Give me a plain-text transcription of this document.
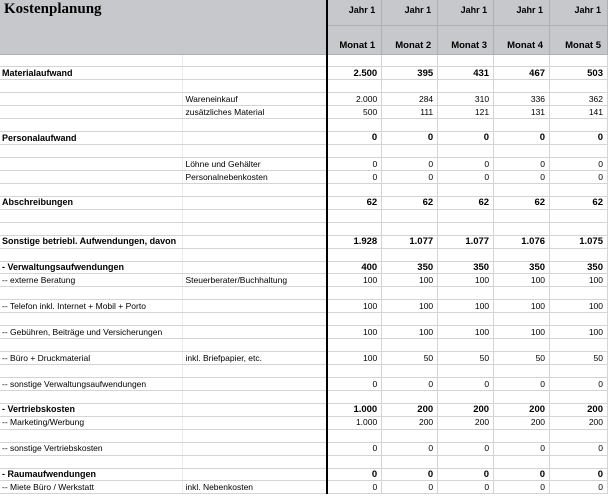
Kostenplanung		Jahr 1	Jahr 1	Jahr 1	Jahr 1	Jahr 1
		Monat 1	Monat 2	Monat 3	Monat 4	Monat 5

Materialaufwand		2.500	395	431	467	503

	Wareneinkauf	2.000	284	310	336	362
	zusätzliches Material	500	111	121	131	141

Personalaufwand		0	0	0	0	0

	Löhne und Gehälter	0	0	0	0	0
	Personalnebenkosten	0	0	0	0	0

Abschreibungen		62	62	62	62	62

Sonstige betriebl. Aufwendungen, davon		1.928	1.077	1.077	1.076	1.075

- Verwaltungsaufwendungen		400	350	350	350	350
-- externe Beratung	Steuerberater/Buchhaltung	100	100	100	100	100

-- Telefon inkl. Internet + Mobil + Porto		100	100	100	100	100

-- Gebühren, Beiträge und Versicherungen		100	100	100	100	100

-- Büro + Druckmaterial	inkl. Briefpapier, etc.	100	50	50	50	50

-- sonstige Verwaltungsaufwendungen		0	0	0	0	0

- Vertriebskosten		1.000	200	200	200	200
-- Marketing/Werbung		1.000	200	200	200	200

-- sonstige Vertriebskosten		0	0	0	0	0

- Raumaufwendungen		0	0	0	0	0
-- Miete Büro / Werkstatt	inkl. Nebenkosten	0	0	0	0	0
